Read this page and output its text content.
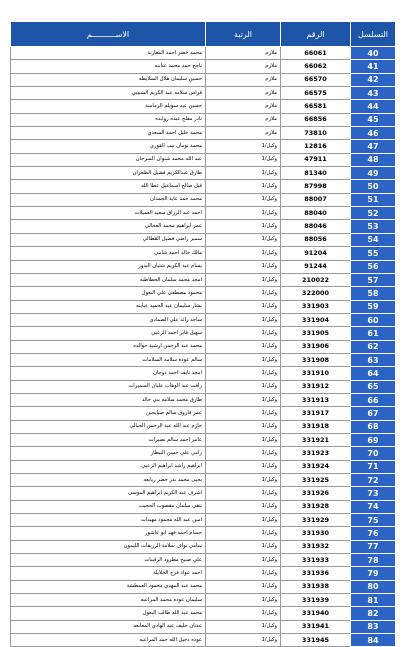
التسلسل	الرقم	الرتبة	الاســــــــــم
40	66061	ملازم	محمد خضر احمد المغاربة
41	66062	ملازم	ناجح حمد محمد عبابنه
42	66570	ملازم	حسين سليمان هلال السلايطه
43	66575	ملازم	فراس سلامه عبد الكريم الشبيبي
44	66581	ملازم	حسين عبد سويلم الرمامنة
45	66856	ملازم	نادر مفلح عبده روابده
46	73810	ملازم	محمد خليل احمد السعدي
47	12816	وكيل/1	محمد نومان نيب القوري
48	47911	وكيل/1	عبد الله محمد شنوان السرحان
49	81340	وكيل/1	طارق عبدالكريم فضيل الطحران
50	87998	وكيل/1	فيل صالح اسماعيل عطا الله
51	88007	وكيل/1	محمد حمد عايد الجمدان
52	88040	وكيل/1	احمد عبد الرزاق سعيد العميلات
53	88046	وكيل/1	عمر ابراهيم محمد العجالي
54	88056	وكيل/1	سمير راضي فضيل القطالي
55	91204	وكيل/1	مالك خالد احمد شامي
56	91244	وكيل/1	يسام عبد الكريم شتيان البدور
57	210022	وكيل/1	امجد محمد سلمان الخطاطبه
58	322000	وكيل/1	محمود مصطفى علي البعول
59	331903	وكيل/1	بشار سليمان عبد الحميد عبابنه
60	331904	وكيل/1	ساجد رائد علي الصمادي
61	331905	وكيل/1	سهيل فايز احمد الزعبي
62	331906	وكيل/1	محمد عبد الرحمن ارشيد خوالده
63	331908	وكيل/1	سالم عودة سلامة السلامات
64	331910	وكيل/1	امجد نايف احمد دوجان
65	331912	وكيل/1	رافت عبد الوهاب عليان السميرات
66	331913	وكيل/1	طارق محمد سلامه بني خالد
67	331917	وكيل/1	عمر فاروق سالم صبايحين
68	331918	وكيل/1	حازم عبد الله عبد الرحمن الجبالي
69	331921	وكيل/1	عامر احمد سالم نصيرات
70	331923	وكيل/1	رامي علي حسن البيطار
71	331924	وكيل/1	ابراهيم راشد ابراهيم الزعبي
72	331925	وكيل/1	يحيى محمد بدر خضر ربابعه
73	331926	وكيل/1	اشرف عبد الكريم ابراهيم الموسى
74	331928	وكيل/1	نتقي سلمان مقصوب الحجيب
75	331929	وكيل/1	امين عبد الله محمود مهيدات
76	331930	وكيل/1	حسام احمد فهد ابو عاشور
77	331932	وكيل/1	سامي نواف سلامة الرزيقات الليمون
78	331933	وكيل/1	علي صبيح مطرود الرقيبات
79	331936	وكيل/1	احمد عواد فرج الخلايلة
80	331938	وكيل/1	محمد عبد المهدي محمود العمطشة
81	331939	وكيل/1	سليمان عوده محمد المراعيه
82	331940	وكيل/1	محمد عبد الله طالب البعول
83	331941	وكيل/1	عدنان خليف عبد الهادي المعابعه
84	331945	وكيل/1	عوده دخيل الله حمد المراعيه
